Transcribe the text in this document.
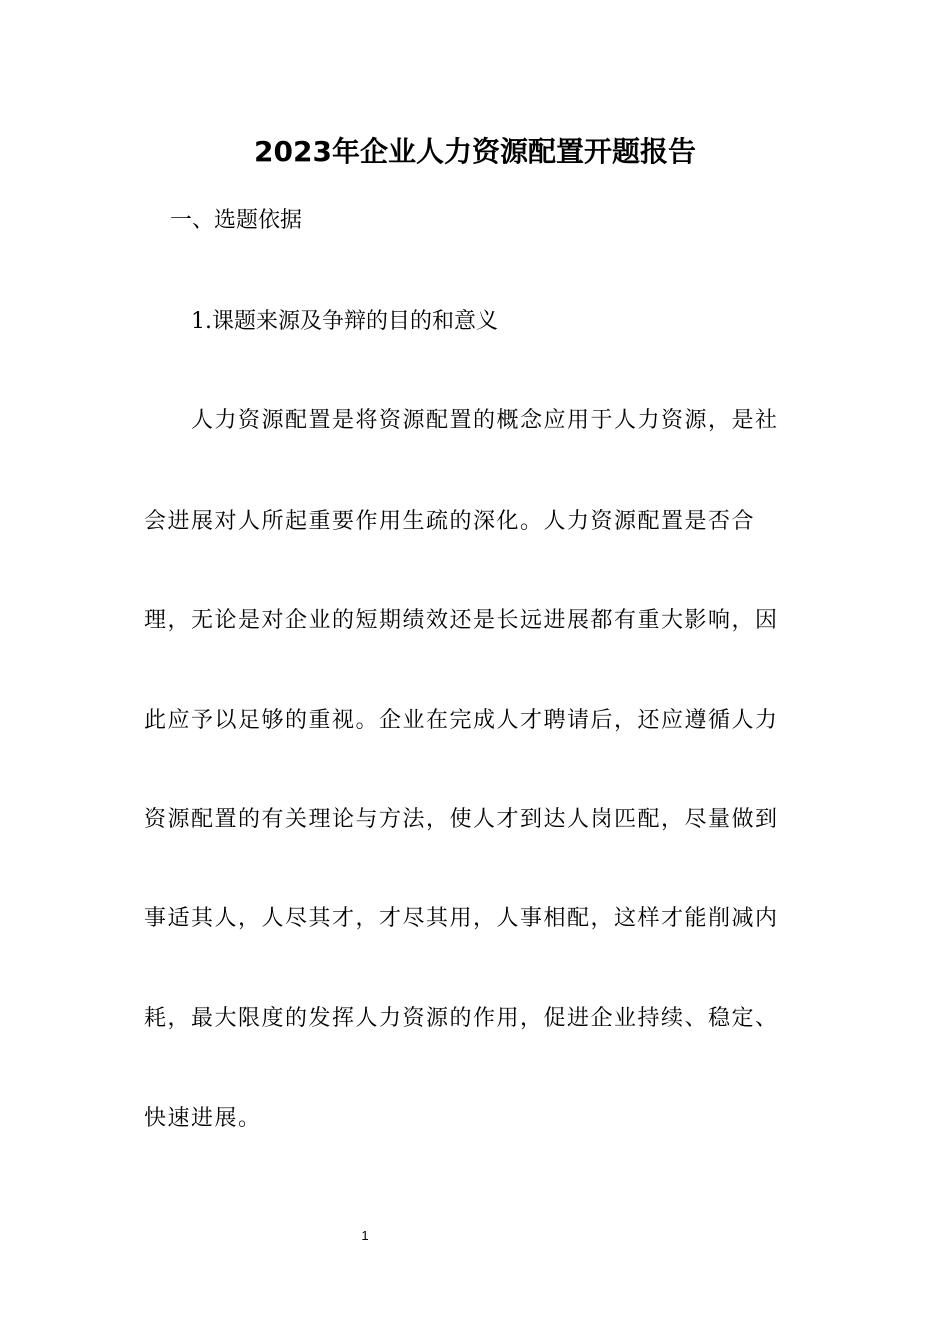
2023年企业人力资源配置开题报告

一、选题依据

1.课题来源及争辩的目的和意义

人力资源配置是将资源配置的概念应用于人力资源，是社

会进展对人所起重要作用生疏的深化。人力资源配置是否合

理，无论是对企业的短期绩效还是长远进展都有重大影响，因

此应予以足够的重视。企业在完成人才聘请后，还应遵循人力

资源配置的有关理论与方法，使人才到达人岗匹配，尽量做到

事适其人，人尽其才，才尽其用，人事相配，这样才能削减内

耗，最大限度的发挥人力资源的作用，促进企业持续、稳定、

快速进展。

1
